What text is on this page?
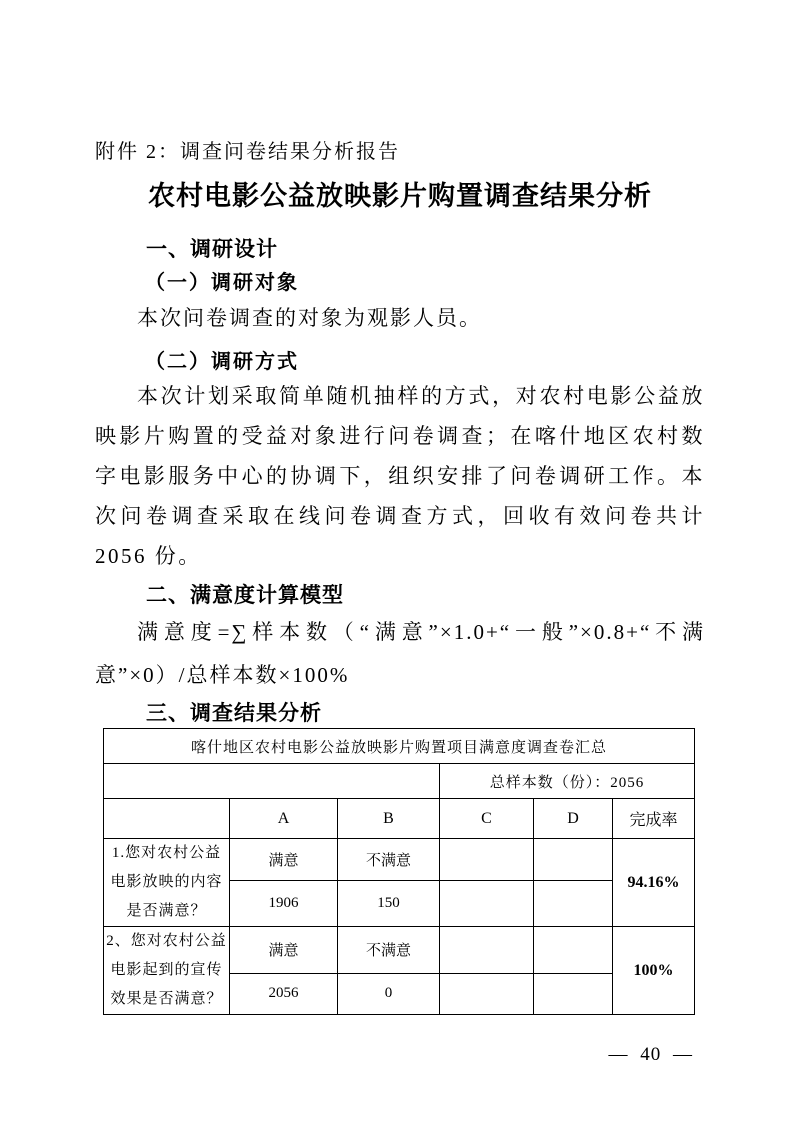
附件 2：调查问卷结果分析报告
农村电影公益放映影片购置调查结果分析
一、调研设计
（一）调研对象
本次问卷调查的对象为观影人员。
（二）调研方式
本次计划采取简单随机抽样的方式，对农村电影公益放映影片购置的受益对象进行问卷调查；在喀什地区农村数字电影服务中心的协调下，组织安排了问卷调研工作。本次问卷调查采取在线问卷调查方式，回收有效问卷共计 2056 份。
二、满意度计算模型
满意度=∑样本数（“满意”×1.0+“一般”×0.8+“不满意”×0）/总样本数×100%
三、调查结果分析
喀什地区农村电影公益放映影片购置项目满意度调查卷汇总					
			总样本数（份）：2056		
	A	B	C	D	完成率
1.您对农村公益电影放映的内容是否满意？	满意	不满意			94.16%
	1906	150			
2、您对农村公益电影起到的宣传效果是否满意？	满意	不满意			100%
	2056	0			
— 40 —
